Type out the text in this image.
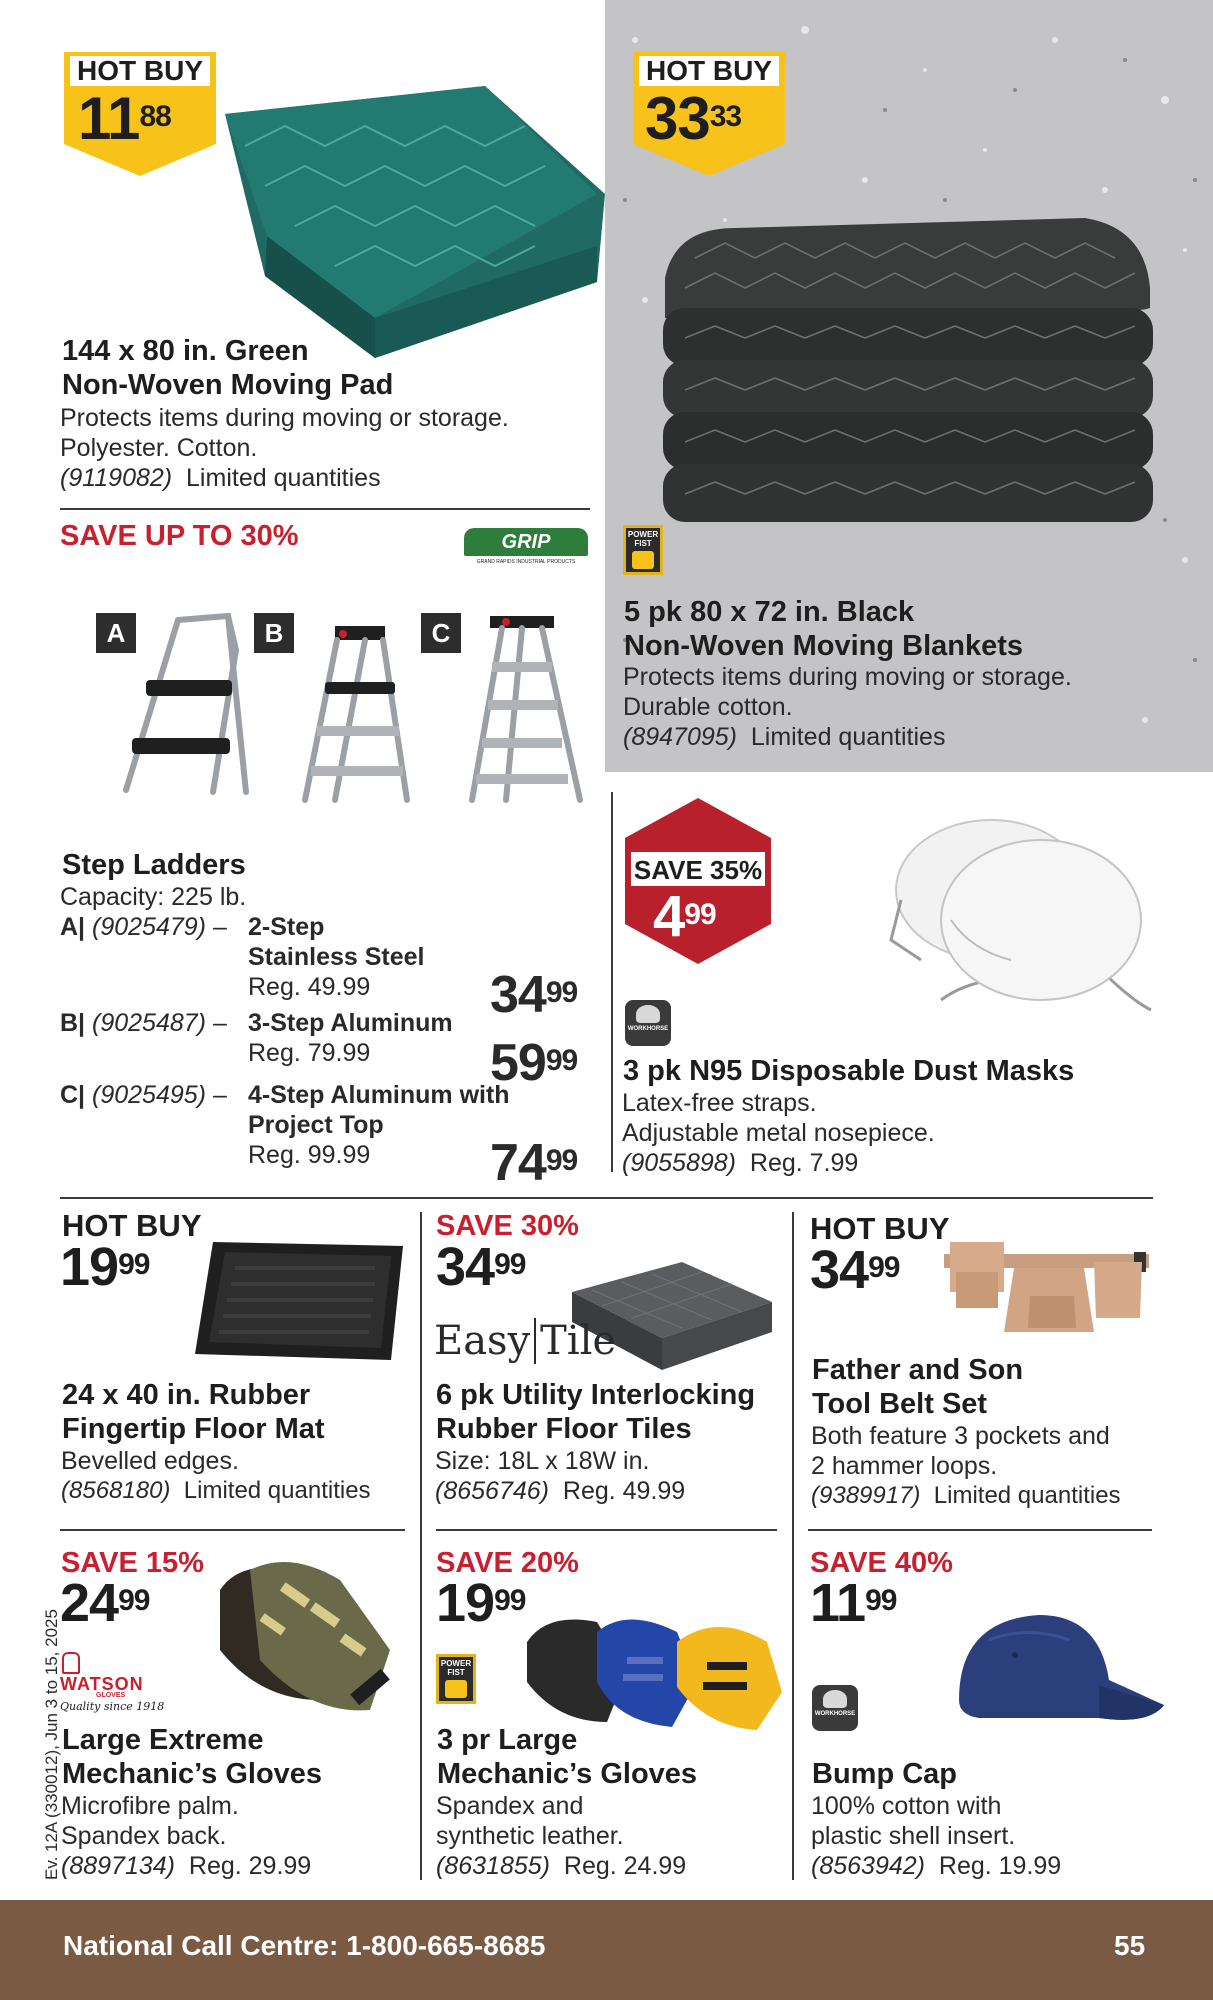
HOT BUY
$11^{88}$
144 x 80 in. Green
Non-Woven Moving Pad
Protects items during moving or storage.
Polyester. Cotton.
(9119082) Limited quantities
HOT BUY
$33^{33}$
POWER FIST
5 pk 80 x 72 in. Black
Non-Woven Moving Blankets
Protects items during moving or storage.
Durable cotton.
(8947095) Limited quantities
SAVE UP TO 30%	GRIP
GRAND RAPIDS INDUSTRIAL PRODUCTS
A	B	C
Step Ladders
Capacity: 225 lb.
A| (9025479) – 2-Step
Stainless Steel
Reg. 49.99	$34^{99}$
B| (9025487) – 3-Step Aluminum
Reg. 79.99	$59^{99}$
C| (9025495) – 4-Step Aluminum with
Project Top
Reg. 99.99	$74^{99}$
SAVE 35%
$4^{99}$
WORKHORSE
3 pk N95 Disposable Dust Masks
Latex-free straps.
Adjustable metal nosepiece.
(9055898) Reg. 7.99
HOT BUY
$19^{99}$
24 x 40 in. Rubber
Fingertip Floor Mat
Bevelled edges.
(8568180) Limited quantities
SAVE 30%
$34^{99}$
Easy Tile
6 pk Utility Interlocking
Rubber Floor Tiles
Size: 18L x 18W in.
(8656746) Reg. 49.99
HOT BUY
$34^{99}$
Father and Son
Tool Belt Set
Both feature 3 pockets and
2 hammer loops.
(9389917) Limited quantities
Ev. 12A (330012), Jun 3 to 15, 2025
SAVE 15%
$24^{99}$
WATSON
GLOVES
Quality since 1918
Large Extreme
Mechanic’s Gloves
Microfibre palm.
Spandex back.
(8897134) Reg. 29.99
SAVE 20%
$19^{99}$
POWER FIST
3 pr Large
Mechanic’s Gloves
Spandex and
synthetic leather.
(8631855) Reg. 24.99
SAVE 40%
$11^{99}$
WORKHORSE
Bump Cap
100% cotton with
plastic shell insert.
(8563942) Reg. 19.99
National Call Centre: 1-800-665-8685	55
